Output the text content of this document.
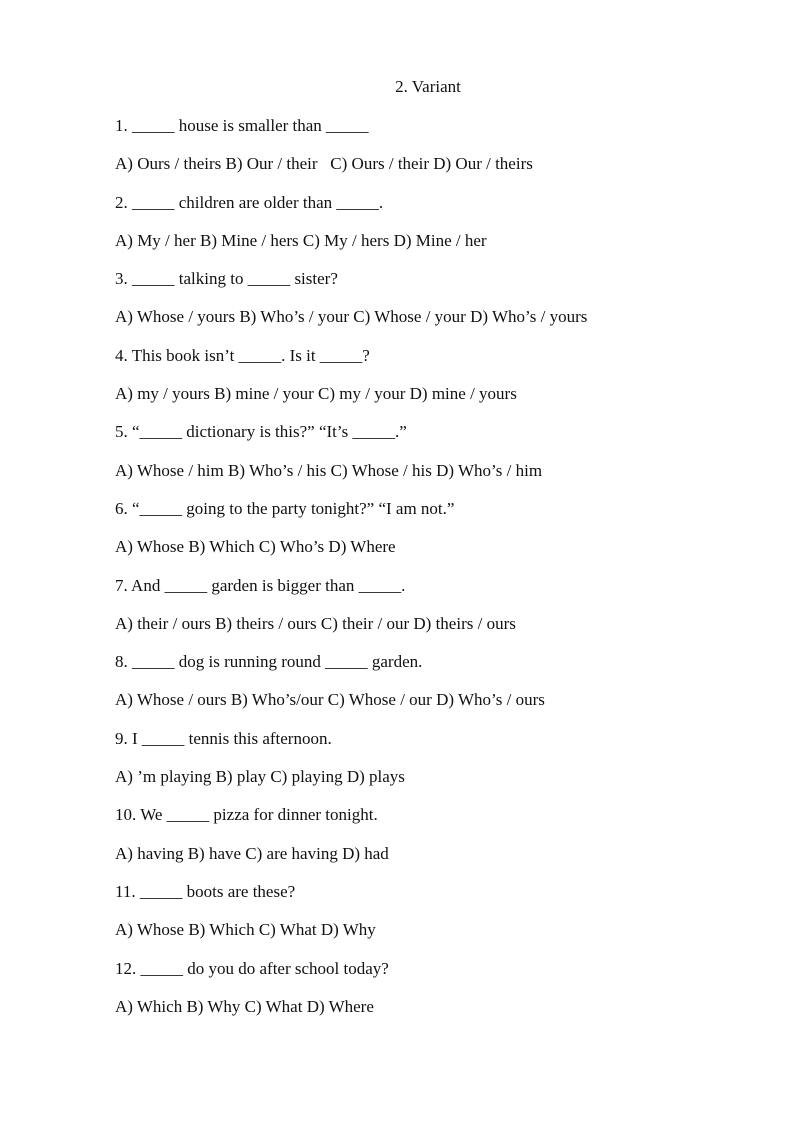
2. Variant
1. _____ house is smaller than _____
A) Ours / theirs B) Our / their   C) Ours / their D) Our / theirs
2. _____ children are older than _____.
A) My / her B) Mine / hers C) My / hers D) Mine / her
3. _____ talking to _____ sister?
A) Whose / yours B) Who’s / your C) Whose / your D) Who’s / yours
4. This book isn’t _____. Is it _____?
A) my / yours B) mine / your C) my / your D) mine / yours
5. “_____ dictionary is this?” “It’s _____.”
A) Whose / him B) Who’s / his C) Whose / his D) Who’s / him
6. “_____ going to the party tonight?” “I am not.”
A) Whose B) Which C) Who’s D) Where
7. And _____ garden is bigger than _____.
A) their / ours B) theirs / ours C) their / our D) theirs / ours
8. _____ dog is running round _____ garden.
A) Whose / ours B) Who’s/our C) Whose / our D) Who’s / ours
9. I _____ tennis this afternoon.
A) ’m playing B) play C) playing D) plays
10. We _____ pizza for dinner tonight.
A) having B) have C) are having D) had
11. _____ boots are these?
A) Whose B) Which C) What D) Why
12. _____ do you do after school today?
A) Which B) Why C) What D) Where
